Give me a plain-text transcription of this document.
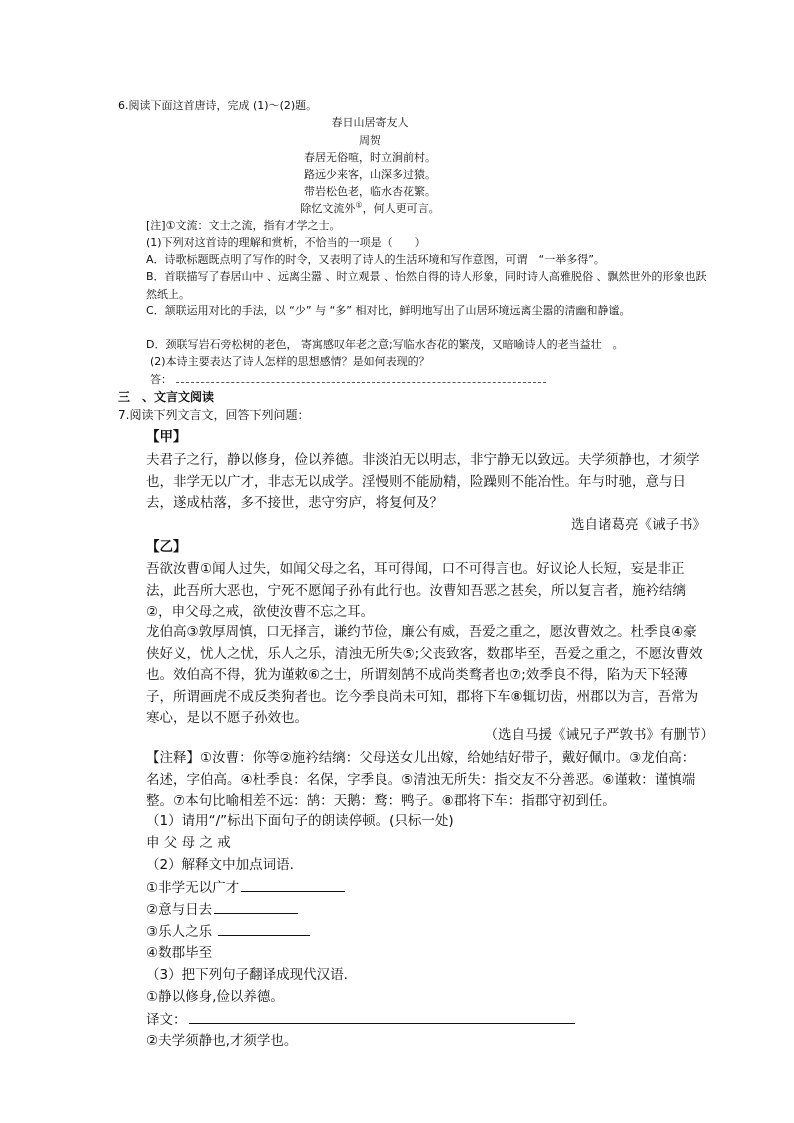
6.阅读下面这首唐诗，完成 (1)～(2)题。
春日山居寄友人
周贺
春居无俗喧，时立涧前村。
路远少来客，山深多过猿。
带岩松色老，临水杏花繁。
除忆文流外①，何人更可言。
[注]①文流：文士之流，指有才学之士。
(1)下列对这首诗的理解和赏析，不恰当的一项是（　　）
A．诗歌标题既点明了写作的时令，又表明了诗人的生活环境和写作意图，可谓　“一举多得”。
B．首联描写了春居山中 、远离尘嚣 、时立观景 、怡然自得的诗人形象，同时诗人高雅脱俗 、飘然世外的形象也跃然纸上。
C．颔联运用对比的手法，以 “少” 与 “多” 相对比，鲜明地写出了山居环境远离尘嚣的清幽和静谧。
D．颈联写岩石旁松树的老色， 寄寓感叹年老之意;写临水杏花的繁茂，又暗喻诗人的老当益壮　。
(2)本诗主要表达了诗人怎样的思想感情？是如何表现的？
答：
三　、文言文阅读
7.阅读下列文言文，回答下列问题：
【甲】
夫君子之行，静以修身，俭以养德。非淡泊无以明志，非宁静无以致远。夫学须静也，才须学也，非学无以广才，非志无以成学。淫慢则不能励精，险躁则不能冶性。年与时驰，意与日去，遂成枯落，多不接世，悲守穷庐，将复何及？
选自诸葛亮《诫子书》
【乙】
吾欲汝曹①闻人过失，如闻父母之名，耳可得闻，口不可得言也。好议论人长短，妄是非正法，此吾所大恶也，宁死不愿闻子孙有此行也。汝曹知吾恶之甚矣，所以复言者，施衿结缡②，申父母之戒，欲使汝曹不忘之耳。
龙伯高③敦厚周慎，口无择言，谦约节俭，廉公有威，吾爱之重之，愿汝曹效之。杜季良④豪侠好义，忧人之忧，乐人之乐，清浊无所失⑤;父丧致客，数郡毕至，吾爱之重之，不愿汝曹效也。效伯高不得，犹为谨敕⑥之士，所谓刻鹄不成尚类鹜者也⑦;效季良不得，陷为天下轻薄子，所谓画虎不成反类狗者也。讫今季良尚未可知，郡将下车⑧辄切齿，州郡以为言，吾常为寒心，是以不愿子孙效也。
（选自马援《诫兄子严敦书》有删节）
【注释】①汝曹：你等②施衿结缡：父母送女儿出嫁，给她结好带子，戴好佩巾。③龙伯高：名述，字伯高。④杜季良：名保，字季良。⑤清浊无所失：指交友不分善恶。⑥谨敕：谨慎端整。⑦本句比喻相差不远：鹄：天鹅：鹜：鸭子。⑧郡将下车：指郡守初到任。
（1）请用“/”标出下面句子的朗读停顿。(只标一处)
申 父 母 之 戒
（2）解释文中加点词语.
①非学无以广才
②意与日去
③乐人之乐
④数郡毕至
（3）把下列句子翻译成现代汉语.
①静以修身,俭以养德。
译文：
②夫学须静也,才须学也。
